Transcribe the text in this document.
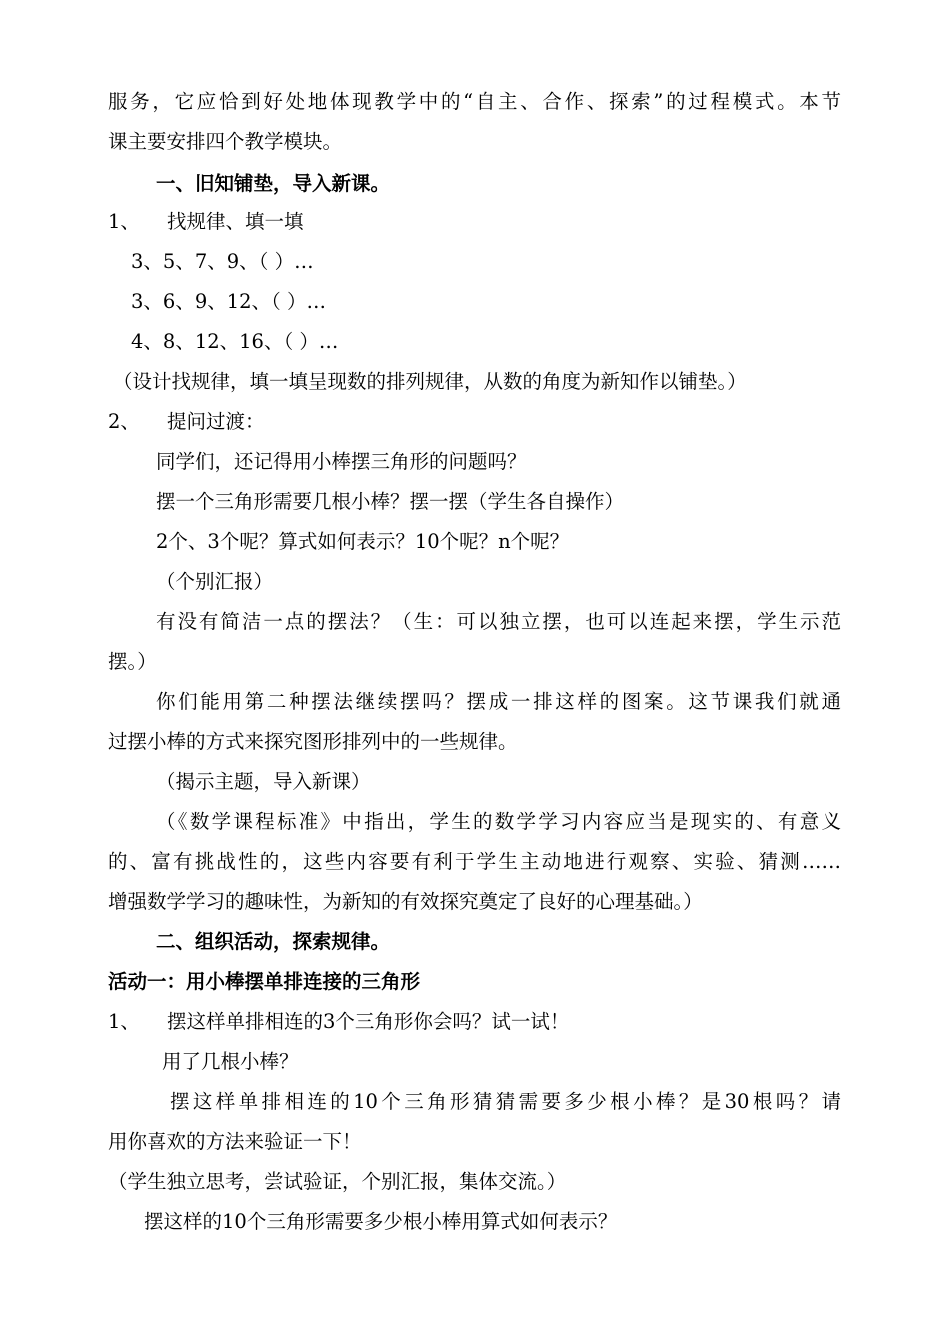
服务，它应恰到好处地体现教学中的“自主、合作、探索”的过程模式。本节
课主要安排四个教学模块。
一、旧知铺垫，导入新课。
1、 找规律、填一填
3、5、7、9、（ ）…
3、6、9、12、（ ）…
4、8、12、16、（ ）…
（设计找规律，填一填呈现数的排列规律，从数的角度为新知作以铺垫。）
2、 提问过渡：
同学们，还记得用小棒摆三角形的问题吗？
摆一个三角形需要几根小棒？摆一摆（学生各自操作）
2个、3个呢？算式如何表示？10个呢？n个呢？
（个别汇报）
有没有简洁一点的摆法？（生：可以独立摆，也可以连起来摆，学生示范
摆。）
你们能用第二种摆法继续摆吗？摆成一排这样的图案。这节课我们就通
过摆小棒的方式来探究图形排列中的一些规律。
（揭示主题，导入新课）
（《数学课程标准》中指出，学生的数学学习内容应当是现实的、有意义
的、富有挑战性的，这些内容要有利于学生主动地进行观察、实验、猜测……
增强数学学习的趣味性，为新知的有效探究奠定了良好的心理基础。）
二、组织活动，探索规律。
活动一：用小棒摆单排连接的三角形
1、 摆这样单排相连的3个三角形你会吗？试一试！
用了几根小棒？
摆这样单排相连的10个三角形猜猜需要多少根小棒？是30根吗？请
用你喜欢的方法来验证一下！
（学生独立思考，尝试验证，个别汇报，集体交流。）
摆这样的10个三角形需要多少根小棒用算式如何表示？
